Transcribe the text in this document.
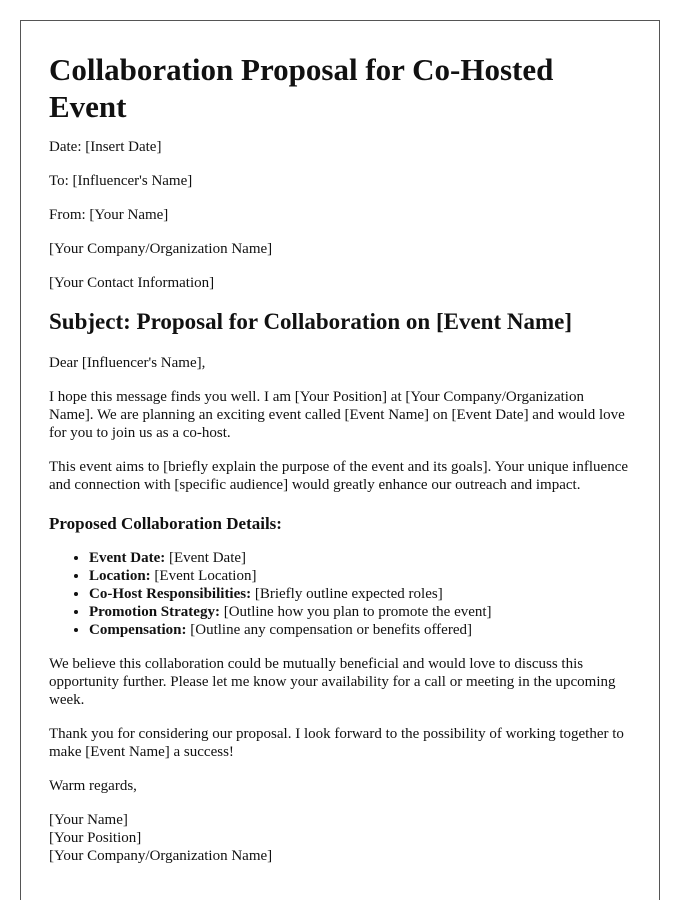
Collaboration Proposal for Co-Hosted Event

Date: [Insert Date]

To: [Influencer's Name]

From: [Your Name]

[Your Company/Organization Name]

[Your Contact Information]

Subject: Proposal for Collaboration on [Event Name]

Dear [Influencer's Name],

I hope this message finds you well. I am [Your Position] at [Your Company/Organization Name]. We are planning an exciting event called [Event Name] on [Event Date] and would love for you to join us as a co-host.

This event aims to [briefly explain the purpose of the event and its goals]. Your unique influence and connection with [specific audience] would greatly enhance our outreach and impact.

Proposed Collaboration Details:
• Event Date: [Event Date]
• Location: [Event Location]
• Co-Host Responsibilities: [Briefly outline expected roles]
• Promotion Strategy: [Outline how you plan to promote the event]
• Compensation: [Outline any compensation or benefits offered]

We believe this collaboration could be mutually beneficial and would love to discuss this opportunity further. Please let me know your availability for a call or meeting in the upcoming week.

Thank you for considering our proposal. I look forward to the possibility of working together to make [Event Name] a success!

Warm regards,

[Your Name]

[Your Position]

[Your Company/Organization Name]
